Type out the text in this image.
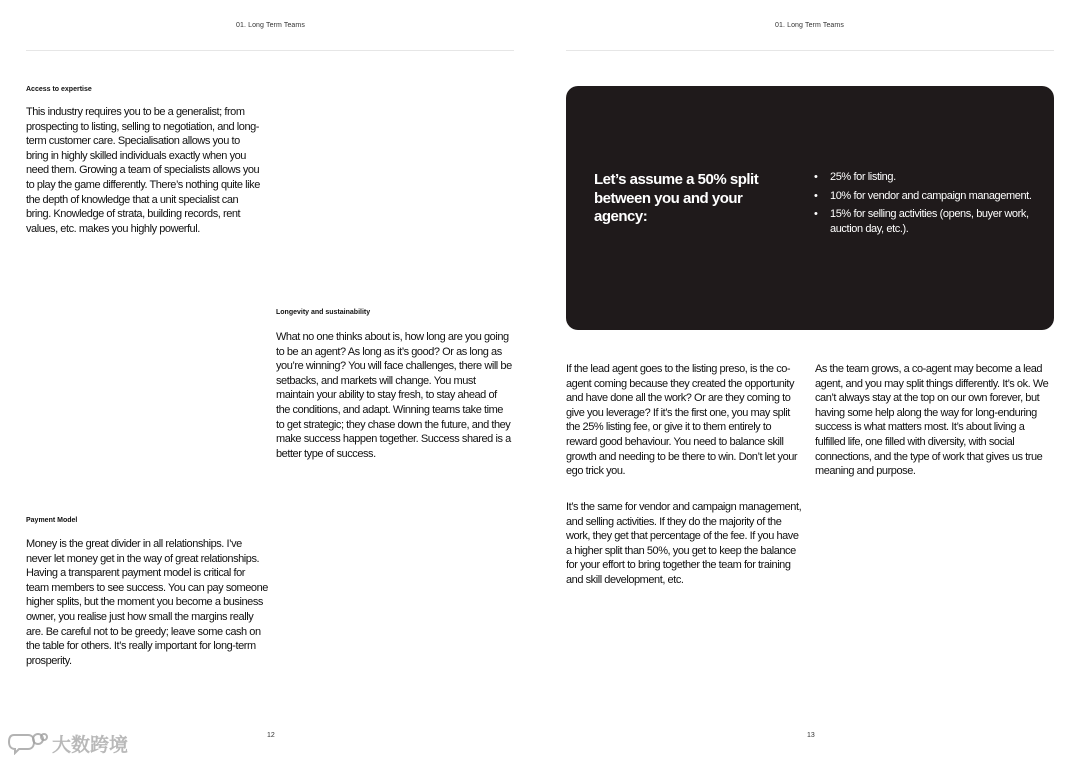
01. Long Term Teams
Access to expertise

This industry requires you to be a generalist; from prospecting to listing, selling to negotiation, and long-term customer care. Specialisation allows you to bring in highly skilled individuals exactly when you need them. Growing a team of specialists allows you to play the game differently. There’s nothing quite like the depth of knowledge that a unit specialist can bring. Knowledge of strata, building records, rent values, etc. makes you highly powerful.

Longevity and sustainability

What no one thinks about is, how long are you going to be an agent? As long as it’s good? Or as long as you’re winning? You will face challenges, there will be setbacks, and markets will change. You must maintain your ability to stay fresh, to stay ahead of the conditions, and adapt. Winning teams take time to get strategic; they chase down the future, and they make success happen together. Success shared is a better type of success.

Payment Model

Money is the great divider in all relationships. I’ve never let money get in the way of great relationships. Having a transparent payment model is critical for team members to see success. You can pay someone higher splits, but the moment you become a business owner, you realise just how small the margins really are. Be careful not to be greedy; leave some cash on the table for others. It’s really important for long-term prosperity.

12
01. Long Term Teams

If the lead agent goes to the listing preso, is the co-agent coming because they created the opportunity and have done all the work? Or are they coming to give you leverage? If it’s the first one, you may split the 25% listing fee, or give it to them entirely to reward good behaviour. You need to balance skill growth and needing to be there to win. Don’t let your ego trick you.

It’s the same for vendor and campaign management, and selling activities. If they do the majority of the work, they get that percentage of the fee. If you have a higher split than 50%, you get to keep the balance for your effort to bring together the team for training and skill development, etc.

As the team grows, a co-agent may become a lead agent, and you may split things differently. It’s ok. We can’t always stay at the top on our own forever, but having some help along the way for long-enduring success is what matters most. It’s about living a fulfilled life, one filled with diversity, with social connections, and the type of work that gives us true meaning and purpose.

13
Let’s assume a 50% split between you and your agency:
• 25% for listing.
• 10% for vendor and campaign management.
• 15% for selling activities (opens, buyer work, auction day, etc.).
大数跨境
